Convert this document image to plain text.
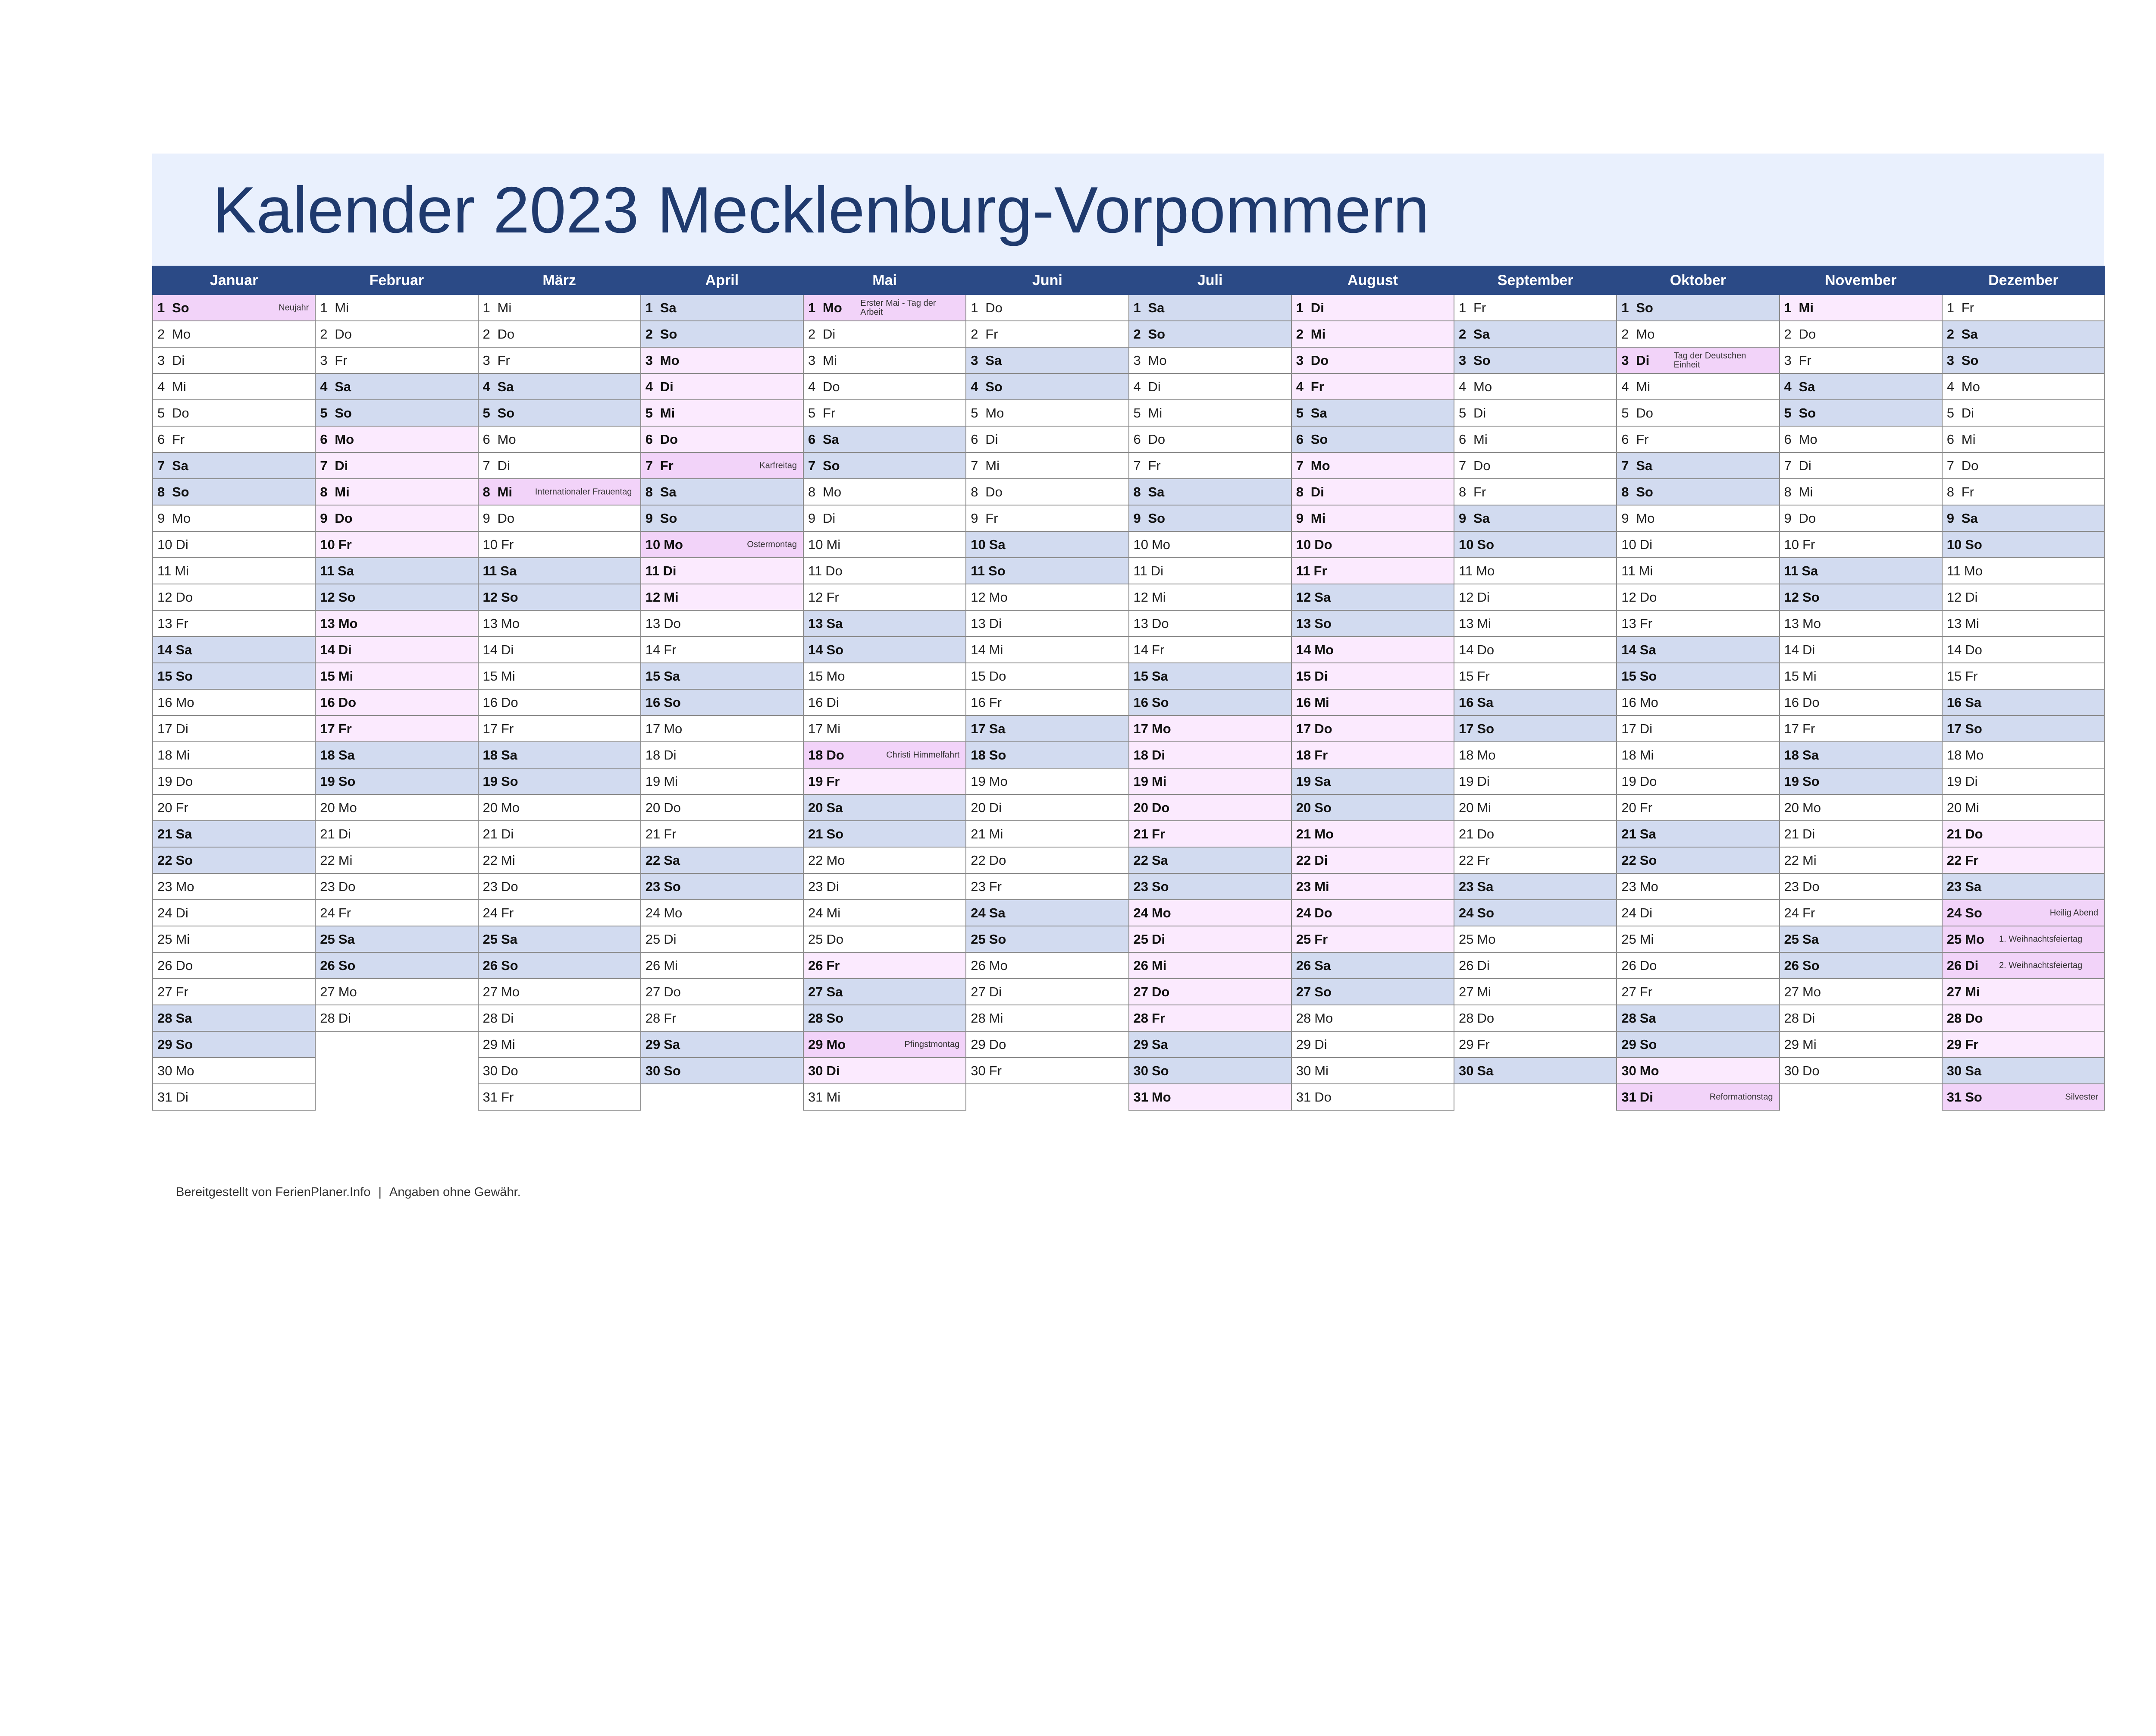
Kalender 2023 Mecklenburg-Vorpommern
Januar	Februar	März	April	Mai	Juni	Juli	August	September	Oktober	November	Dezember
1 So Neujahr	1 Mi	1 Mi	1 Sa	1 Mo Erster Mai - Tag der Arbeit	1 Do	1 Sa	1 Di	1 Fr	1 So	1 Mi	1 Fr
2 Mo	2 Do	2 Do	2 So	2 Di	2 Fr	2 So	2 Mi	2 Sa	2 Mo	2 Do	2 Sa
3 Di	3 Fr	3 Fr	3 Mo	3 Mi	3 Sa	3 Mo	3 Do	3 So	3 Di Tag der Deutschen Einheit	3 Fr	3 So
4 Mi	4 Sa	4 Sa	4 Di	4 Do	4 So	4 Di	4 Fr	4 Mo	4 Mi	4 Sa	4 Mo
5 Do	5 So	5 So	5 Mi	5 Fr	5 Mo	5 Mi	5 Sa	5 Di	5 Do	5 So	5 Di
6 Fr	6 Mo	6 Mo	6 Do	6 Sa	6 Di	6 Do	6 So	6 Mi	6 Fr	6 Mo	6 Mi
7 Sa	7 Di	7 Di	7 Fr Karfreitag	7 So	7 Mi	7 Fr	7 Mo	7 Do	7 Sa	7 Di	7 Do
8 So	8 Mi	8 Mi Internationaler Frauentag	8 Sa	8 Mo	8 Do	8 Sa	8 Di	8 Fr	8 So	8 Mi	8 Fr
9 Mo	9 Do	9 Do	9 So	9 Di	9 Fr	9 So	9 Mi	9 Sa	9 Mo	9 Do	9 Sa
10 Di	10 Fr	10 Fr	10 Mo Ostermontag	10 Mi	10 Sa	10 Mo	10 Do	10 So	10 Di	10 Fr	10 So
11 Mi	11 Sa	11 Sa	11 Di	11 Do	11 So	11 Di	11 Fr	11 Mo	11 Mi	11 Sa	11 Mo
12 Do	12 So	12 So	12 Mi	12 Fr	12 Mo	12 Mi	12 Sa	12 Di	12 Do	12 So	12 Di
13 Fr	13 Mo	13 Mo	13 Do	13 Sa	13 Di	13 Do	13 So	13 Mi	13 Fr	13 Mo	13 Mi
14 Sa	14 Di	14 Di	14 Fr	14 So	14 Mi	14 Fr	14 Mo	14 Do	14 Sa	14 Di	14 Do
15 So	15 Mi	15 Mi	15 Sa	15 Mo	15 Do	15 Sa	15 Di	15 Fr	15 So	15 Mi	15 Fr
16 Mo	16 Do	16 Do	16 So	16 Di	16 Fr	16 So	16 Mi	16 Sa	16 Mo	16 Do	16 Sa
17 Di	17 Fr	17 Fr	17 Mo	17 Mi	17 Sa	17 Mo	17 Do	17 So	17 Di	17 Fr	17 So
18 Mi	18 Sa	18 Sa	18 Di	18 Do Christi Himmelfahrt	18 So	18 Di	18 Fr	18 Mo	18 Mi	18 Sa	18 Mo
19 Do	19 So	19 So	19 Mi	19 Fr	19 Mo	19 Mi	19 Sa	19 Di	19 Do	19 So	19 Di
20 Fr	20 Mo	20 Mo	20 Do	20 Sa	20 Di	20 Do	20 So	20 Mi	20 Fr	20 Mo	20 Mi
21 Sa	21 Di	21 Di	21 Fr	21 So	21 Mi	21 Fr	21 Mo	21 Do	21 Sa	21 Di	21 Do
22 So	22 Mi	22 Mi	22 Sa	22 Mo	22 Do	22 Sa	22 Di	22 Fr	22 So	22 Mi	22 Fr
23 Mo	23 Do	23 Do	23 So	23 Di	23 Fr	23 So	23 Mi	23 Sa	23 Mo	23 Do	23 Sa
24 Di	24 Fr	24 Fr	24 Mo	24 Mi	24 Sa	24 Mo	24 Do	24 So	24 Di	24 Fr	24 So Heilig Abend

25 Mi	25 Sa	25 Sa	25 Di	25 Do	25 So	25 Di	25 Fr	25 Mo	25 Mi	25 Sa	25 Mo 1. Weihnachtsfeiertag

26 Do	26 So	26 So	26 Mi	26 Fr	26 Mo	26 Mi	26 Sa	26 Di	26 Do	26 So	26 Di 2. Weihnachtsfeiertag

27 Fr	27 Mo	27 Mo	27 Do	27 Sa	27 Di	27 Do	27 So	27 Mi	27 Fr	27 Mo	27 Mi
28 Sa	28 Di	28 Di	28 Fr	28 So	28 Mi	28 Fr	28 Mo	28 Do	28 Sa	28 Di	28 Do
29 So		29 Mi	29 Sa	29 Mo Pfingstmontag	29 Do	29 Sa	29 Di	29 Fr	29 So	29 Mi	29 Fr
30 Mo		30 Do	30 So	30 Di	30 Fr	30 So	30 Mi	30 Sa	30 Mo	30 Do	30 Sa
31 Di		31 Fr		31 Mi		31 Mo	31 Do		31 Di Reformationstag		31 So Silvester
Bereitgestellt von FerienPlaner.Info | Angaben ohne Gewähr.
